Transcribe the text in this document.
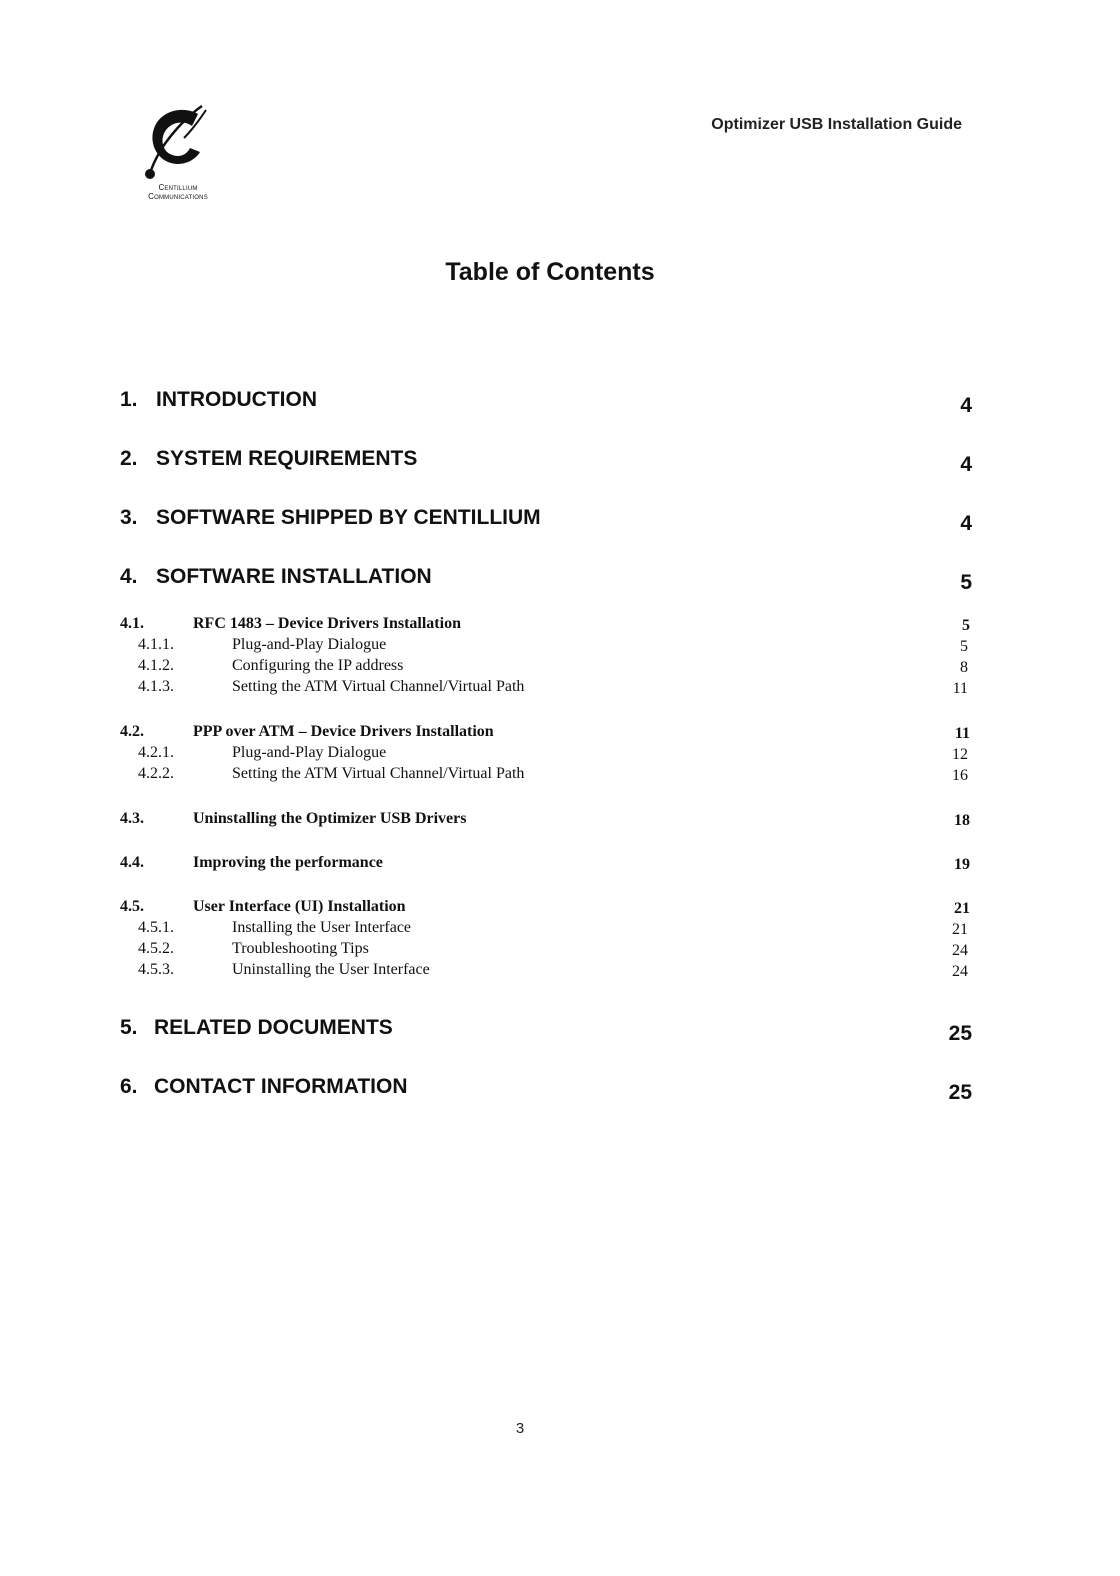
Centillium
Communications
Optimizer USB Installation Guide
Table of Contents
1. INTRODUCTION	4
2. SYSTEM REQUIREMENTS	4
3. SOFTWARE SHIPPED BY CENTILLIUM	4
4. SOFTWARE INSTALLATION	5
4.1.	RFC 1483 – Device Drivers Installation	5
4.1.1.	Plug-and-Play Dialogue	5
4.1.2.	Configuring the IP address	8
4.1.3.	Setting the ATM Virtual Channel/Virtual Path	11
4.2.	PPP over ATM – Device Drivers Installation	11
4.2.1.	Plug-and-Play Dialogue	12
4.2.2.	Setting the ATM Virtual Channel/Virtual Path	16
4.3.	Uninstalling the Optimizer USB Drivers	18
4.4.	Improving the performance	19
4.5.	User Interface (UI) Installation	21
4.5.1.	Installing the User Interface	21
4.5.2.	Troubleshooting Tips	24
4.5.3.	Uninstalling the User Interface	24
5. RELATED DOCUMENTS	25
6. CONTACT INFORMATION	25
3
